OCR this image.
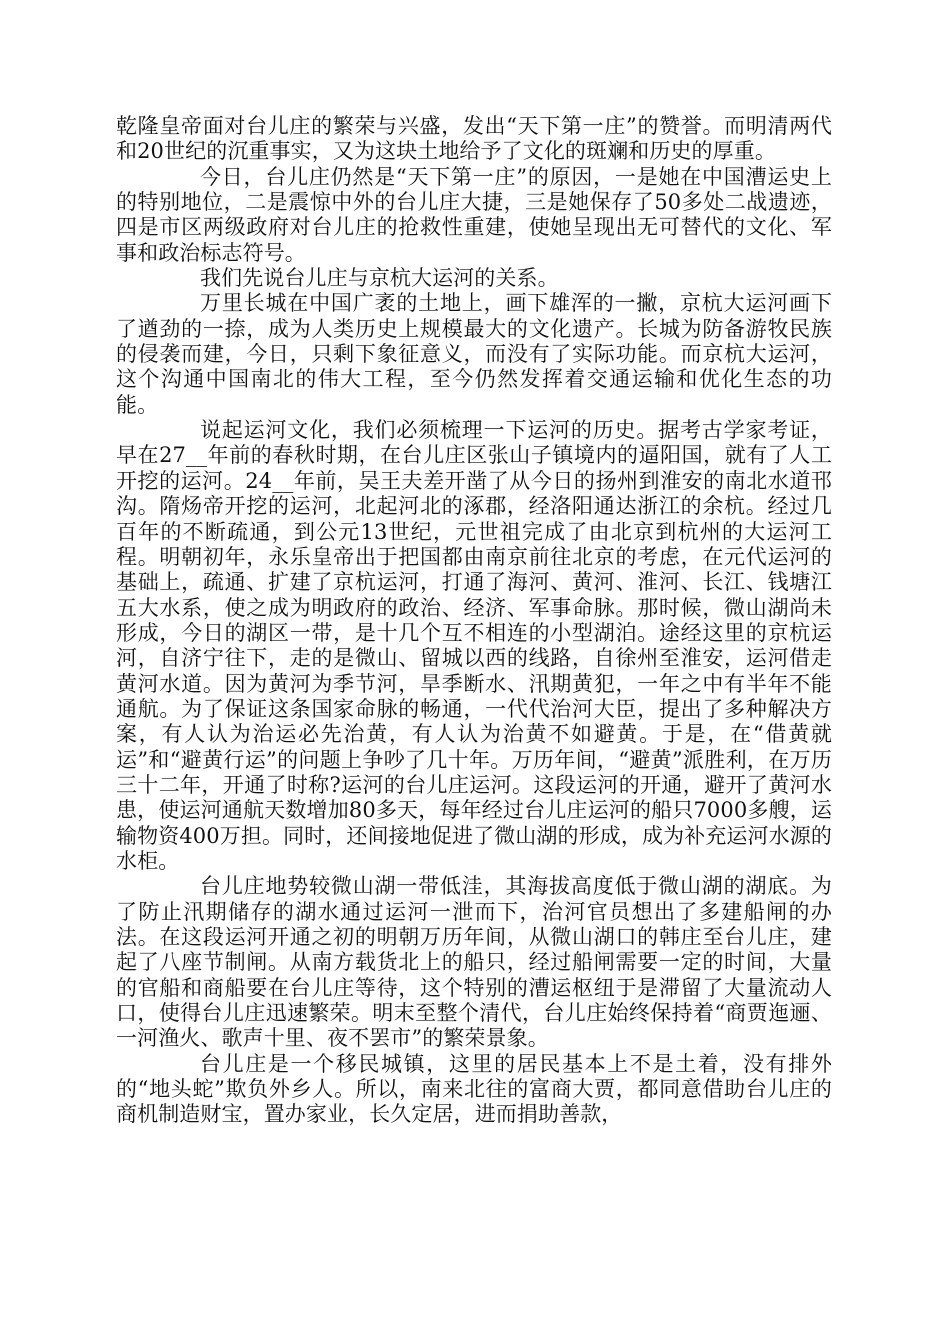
乾隆皇帝面对台儿庄的繁荣与兴盛，发出“天下第一庄”的赞誉。而明清两代和20世纪的沉重事实，又为这块土地给予了文化的斑斓和历史的厚重。

今日，台儿庄仍然是“天下第一庄”的原因，一是她在中国漕运史上的特别地位，二是震惊中外的台儿庄大捷，三是她保存了50多处二战遗迹，四是市区两级政府对台儿庄的抢救性重建，使她呈现出无可替代的文化、军事和政治标志符号。

我们先说台儿庄与京杭大运河的关系。

万里长城在中国广袤的土地上，画下雄浑的一撇，京杭大运河画下了遒劲的一捺，成为人类历史上规模最大的文化遗产。长城为防备游牧民族的侵袭而建，今日，只剩下象征意义，而没有了实际功能。而京杭大运河，这个沟通中国南北的伟大工程，至今仍然发挥着交通运输和优化生态的功能。

说起运河文化，我们必须梳理一下运河的历史。据考古学家考证，早在27__年前的春秋时期，在台儿庄区张山子镇境内的逼阳国，就有了人工开挖的运河。24__年前，吴王夫差开凿了从今日的扬州到淮安的南北水道邗沟。隋炀帝开挖的运河，北起河北的涿郡，经洛阳通达浙江的余杭。经过几百年的不断疏通，到公元13世纪，元世祖完成了由北京到杭州的大运河工程。明朝初年，永乐皇帝出于把国都由南京前往北京的考虑，在元代运河的基础上，疏通、扩建了京杭运河，打通了海河、黄河、淮河、长江、钱塘江五大水系，使之成为明政府的政治、经济、军事命脉。那时候，微山湖尚未形成，今日的湖区一带，是十几个互不相连的小型湖泊。途经这里的京杭运河，自济宁往下，走的是微山、留城以西的线路，自徐州至淮安，运河借走黄河水道。因为黄河为季节河，旱季断水、汛期黄犯，一年之中有半年不能通航。为了保证这条国家命脉的畅通，一代代治河大臣，提出了多种解决方案，有人认为治运必先治黄，有人认为治黄不如避黄。于是，在“借黄就运”和“避黄行运”的问题上争吵了几十年。万历年间，“避黄”派胜利，在万历三十二年，开通了时称?运河的台儿庄运河。这段运河的开通，避开了黄河水患，使运河通航天数增加80多天，每年经过台儿庄运河的船只7000多艘，运输物资400万担。同时，还间接地促进了微山湖的形成，成为补充运河水源的水柜。

台儿庄地势较微山湖一带低洼，其海拔高度低于微山湖的湖底。为了防止汛期储存的湖水通过运河一泄而下，治河官员想出了多建船闸的办法。在这段运河开通之初的明朝万历年间，从微山湖口的韩庄至台儿庄，建起了八座节制闸。从南方载货北上的船只，经过船闸需要一定的时间，大量的官船和商船要在台儿庄等待，这个特别的漕运枢纽于是滞留了大量流动人口，使得台儿庄迅速繁荣。明末至整个清代，台儿庄始终保持着“商贾迤逦、一河渔火、歌声十里、夜不罢市”的繁荣景象。

台儿庄是一个移民城镇，这里的居民基本上不是土着，没有排外的“地头蛇”欺负外乡人。所以，南来北往的富商大贾，都同意借助台儿庄的商机制造财宝，置办家业，长久定居，进而捐助善款，
